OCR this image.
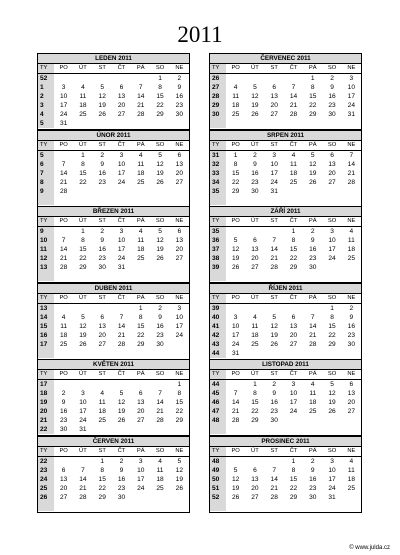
2011
LEDEN 2011
TY	PO	ÚT	ST	ČT	PÁ	SO	NE
52						1	2
1	3	4	5	6	7	8	9
2	10	11	12	13	14	15	16
3	17	18	19	20	21	22	23
4	24	25	26	27	28	29	30
5	31						
ÚNOR 2011
TY	PO	ÚT	ST	ČT	PÁ	SO	NE
5		1	2	3	4	5	6
6	7	8	9	10	11	12	13
7	14	15	16	17	18	19	20
8	21	22	23	24	25	26	27
9	28						

BŘEZEN 2011
TY	PO	ÚT	ST	ČT	PÁ	SO	NE
9		1	2	3	4	5	6
10	7	8	9	10	11	12	13
11	14	15	16	17	18	19	20
12	21	22	23	24	25	26	27
13	28	29	30	31			

DUBEN 2011
TY	PO	ÚT	ST	ČT	PÁ	SO	NE
13					1	2	3
14	4	5	6	7	8	9	10
15	11	12	13	14	15	16	17
16	18	19	20	21	22	23	24
17	25	26	27	28	29	30	

KVĚTEN 2011
TY	PO	ÚT	ST	ČT	PÁ	SO	NE
17							1
18	2	3	4	5	6	7	8
19	9	10	11	12	13	14	15
20	16	17	18	19	20	21	22
21	23	24	25	26	27	28	29
22	30	31					
ČERVEN 2011
TY	PO	ÚT	ST	ČT	PÁ	SO	NE
22			1	2	3	4	5
23	6	7	8	9	10	11	12
24	13	14	15	16	17	18	19
25	20	21	22	23	24	25	26
26	27	28	29	30			

ČERVENEC 2011
TY	PO	ÚT	ST	ČT	PÁ	SO	NE
26					1	2	3
27	4	5	6	7	8	9	10
28	11	12	13	14	15	16	17
29	18	19	20	21	22	23	24
30	25	26	27	28	29	30	31

SRPEN 2011
TY	PO	ÚT	ST	ČT	PÁ	SO	NE
31	1	2	3	4	5	6	7
32	8	9	10	11	12	13	14
33	15	16	17	18	19	20	21
34	22	23	24	25	26	27	28
35	29	30	31				

ZÁŘÍ 2011
TY	PO	ÚT	ST	ČT	PÁ	SO	NE
35				1	2	3	4
36	5	6	7	8	9	10	11
37	12	13	14	15	16	17	18
38	19	20	21	22	23	24	25
39	26	27	28	29	30		

ŘÍJEN 2011
TY	PO	ÚT	ST	ČT	PÁ	SO	NE
39						1	2
40	3	4	5	6	7	8	9
41	10	11	12	13	14	15	16
42	17	18	19	20	21	22	23
43	24	25	26	27	28	29	30
44	31						
LISTOPAD 2011
TY	PO	ÚT	ST	ČT	PÁ	SO	NE
44		1	2	3	4	5	6
45	7	8	9	10	11	12	13
46	14	15	16	17	18	19	20
47	21	22	23	24	25	26	27
48	28	29	30				

PROSINEC 2011
TY	PO	ÚT	ST	ČT	PÁ	SO	NE
48				1	2	3	4
49	5	6	7	8	9	10	11
50	12	13	14	15	16	17	18
51	19	20	21	22	23	24	25
52	26	27	28	29	30	31	

© www.julda.cz
